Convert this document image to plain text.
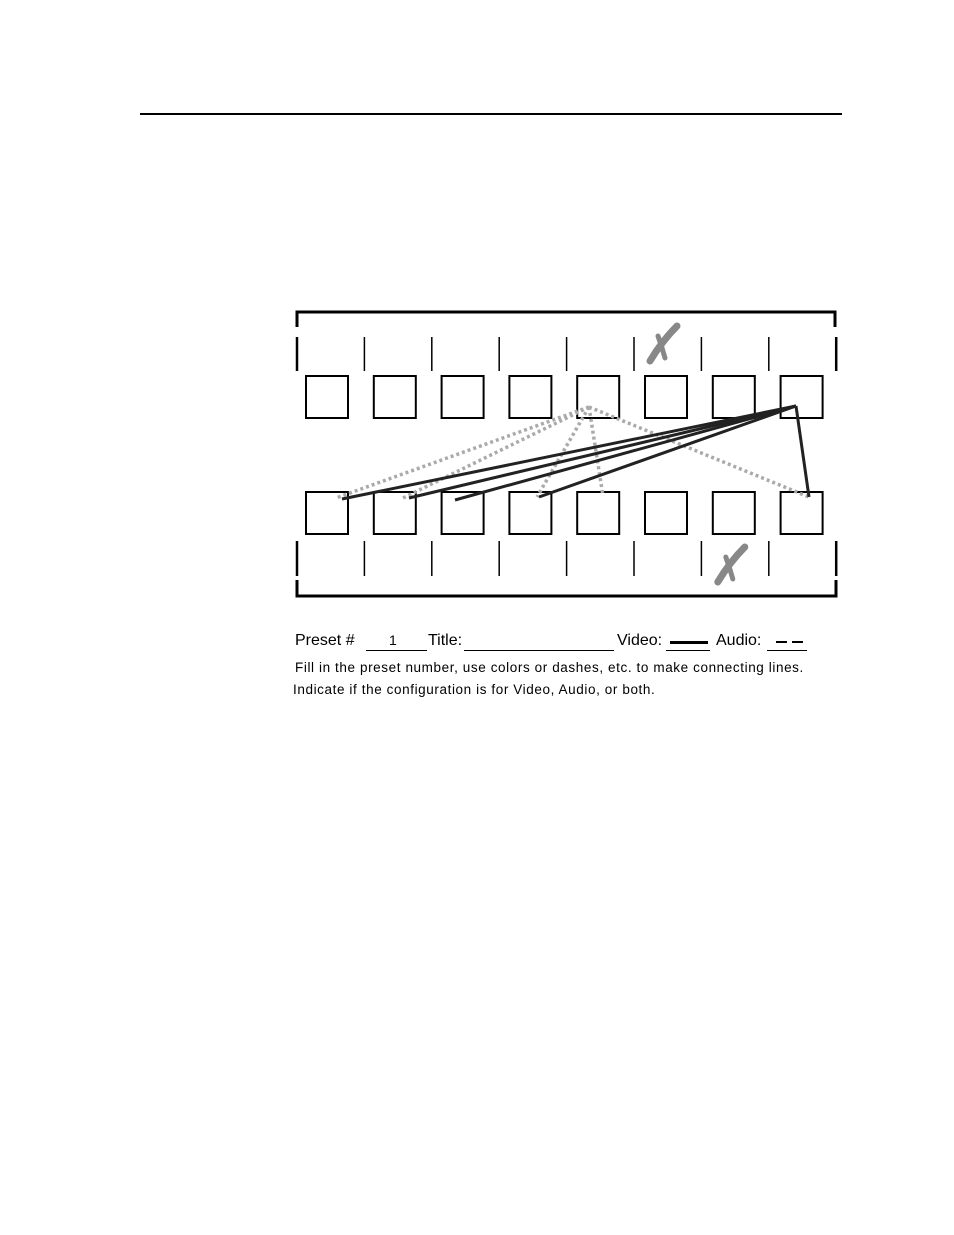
Preset # 1 Title:	Video:	Audio:
Fill in the preset number, use colors or dashes, etc. to make connecting lines.
Indicate if the configuration is for Video, Audio, or both.
